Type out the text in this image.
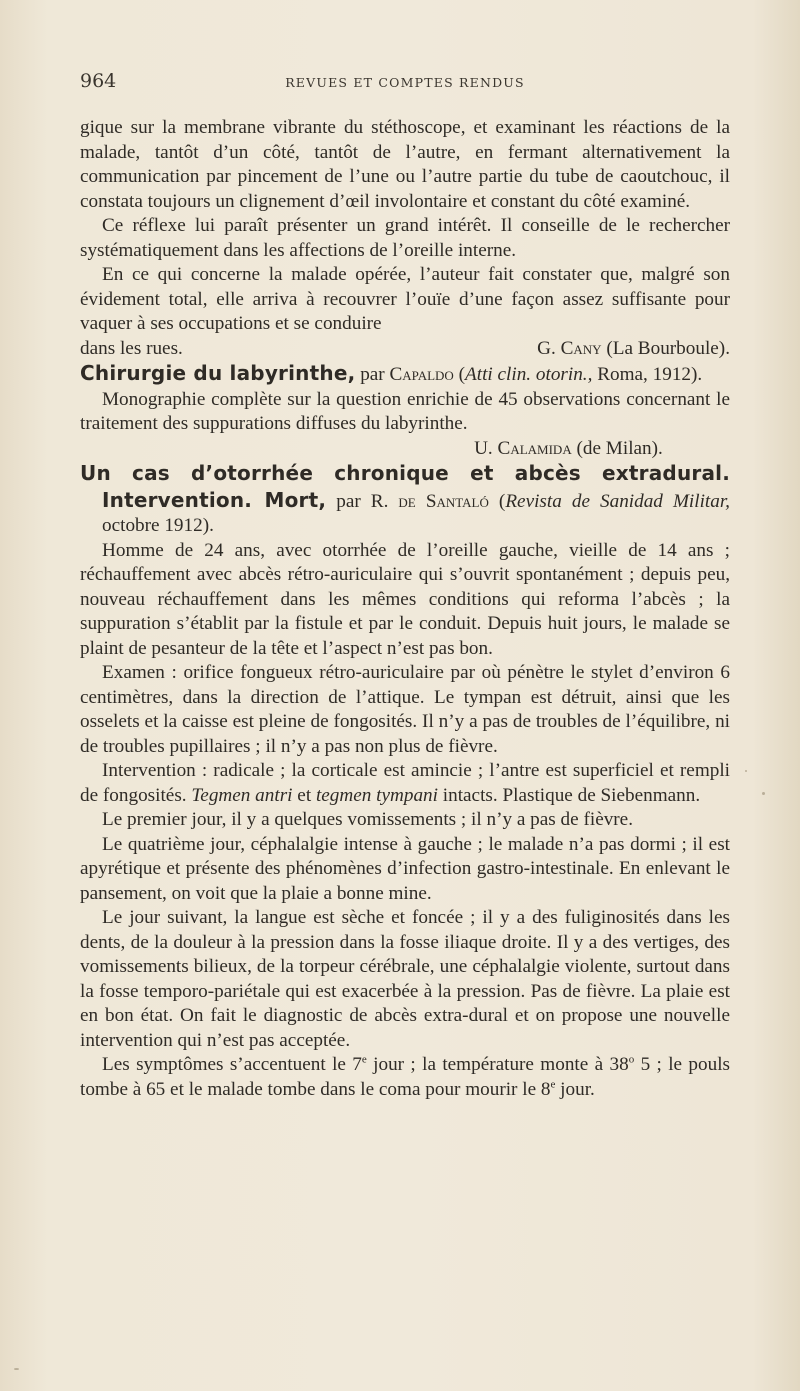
964	REVUES ET COMPTES RENDUS

gique sur la membrane vibrante du stéthoscope, et examinant les réactions de la malade, tantôt d’un côté, tantôt de l’autre, en fermant alternativement la communication par pincement de l’une ou l’autre partie du tube de caoutchouc, il constata toujours un clignement d’œil involontaire et constant du côté examiné.

Ce réflexe lui paraît présenter un grand intérêt. Il conseille de le rechercher systématiquement dans les affections de l’oreille interne.

En ce qui concerne la malade opérée, l’auteur fait constater que, malgré son évidement total, elle arriva à recouvrer l’ouïe d’une façon assez suffisante pour vaquer à ses occupations et se conduire

dans les rues.	G. Cany (La Bourboule).

Chirurgie du labyrinthe, par Capaldo (Atti clin. otorin., Roma, 1912).

Monographie complète sur la question enrichie de 45 observations concernant le traitement des suppurations diffuses du labyrinthe.

U. Calamida (de Milan).

Un cas d’otorrhée chronique et abcès extradural. Intervention. Mort, par R. de Santaló (Revista de Sanidad Militar, octobre 1912).

Homme de 24 ans, avec otorrhée de l’oreille gauche, vieille de 14 ans ; réchauffement avec abcès rétro-auriculaire qui s’ouvrit spontanément ; depuis peu, nouveau réchauffement dans les mêmes conditions qui reforma l’abcès ; la suppuration s’établit par la fistule et par le conduit. Depuis huit jours, le malade se plaint de pesanteur de la tête et l’aspect n’est pas bon.

Examen : orifice fongueux rétro-auriculaire par où pénètre le stylet d’environ 6 centimètres, dans la direction de l’attique. Le tympan est détruit, ainsi que les osselets et la caisse est pleine de fongosités. Il n’y a pas de troubles de l’équilibre, ni de troubles pupillaires ; il n’y a pas non plus de fièvre.

Intervention : radicale ; la corticale est amincie ; l’antre est superficiel et rempli de fongosités. Tegmen antri et tegmen tympani intacts. Plastique de Siebenmann.

Le premier jour, il y a quelques vomissements ; il n’y a pas de fièvre.

Le quatrième jour, céphalalgie intense à gauche ; le malade n’a pas dormi ; il est apyrétique et présente des phénomènes d’infection gastro-intestinale. En enlevant le pansement, on voit que la plaie a bonne mine.

Le jour suivant, la langue est sèche et foncée ; il y a des fuliginosités dans les dents, de la douleur à la pression dans la fosse iliaque droite. Il y a des vertiges, des vomissements bilieux, de la torpeur cérébrale, une céphalalgie violente, surtout dans la fosse temporo-pariétale qui est exacerbée à la pression. Pas de fièvre. La plaie est en bon état. On fait le diagnostic de abcès extra-dural et on propose une nouvelle intervention qui n’est pas acceptée.

Les symptômes s’accentuent le 7e jour ; la température monte à 38$^o$ 5 ; le pouls tombe à 65 et le malade tombe dans le coma pour mourir le 8e jour.
